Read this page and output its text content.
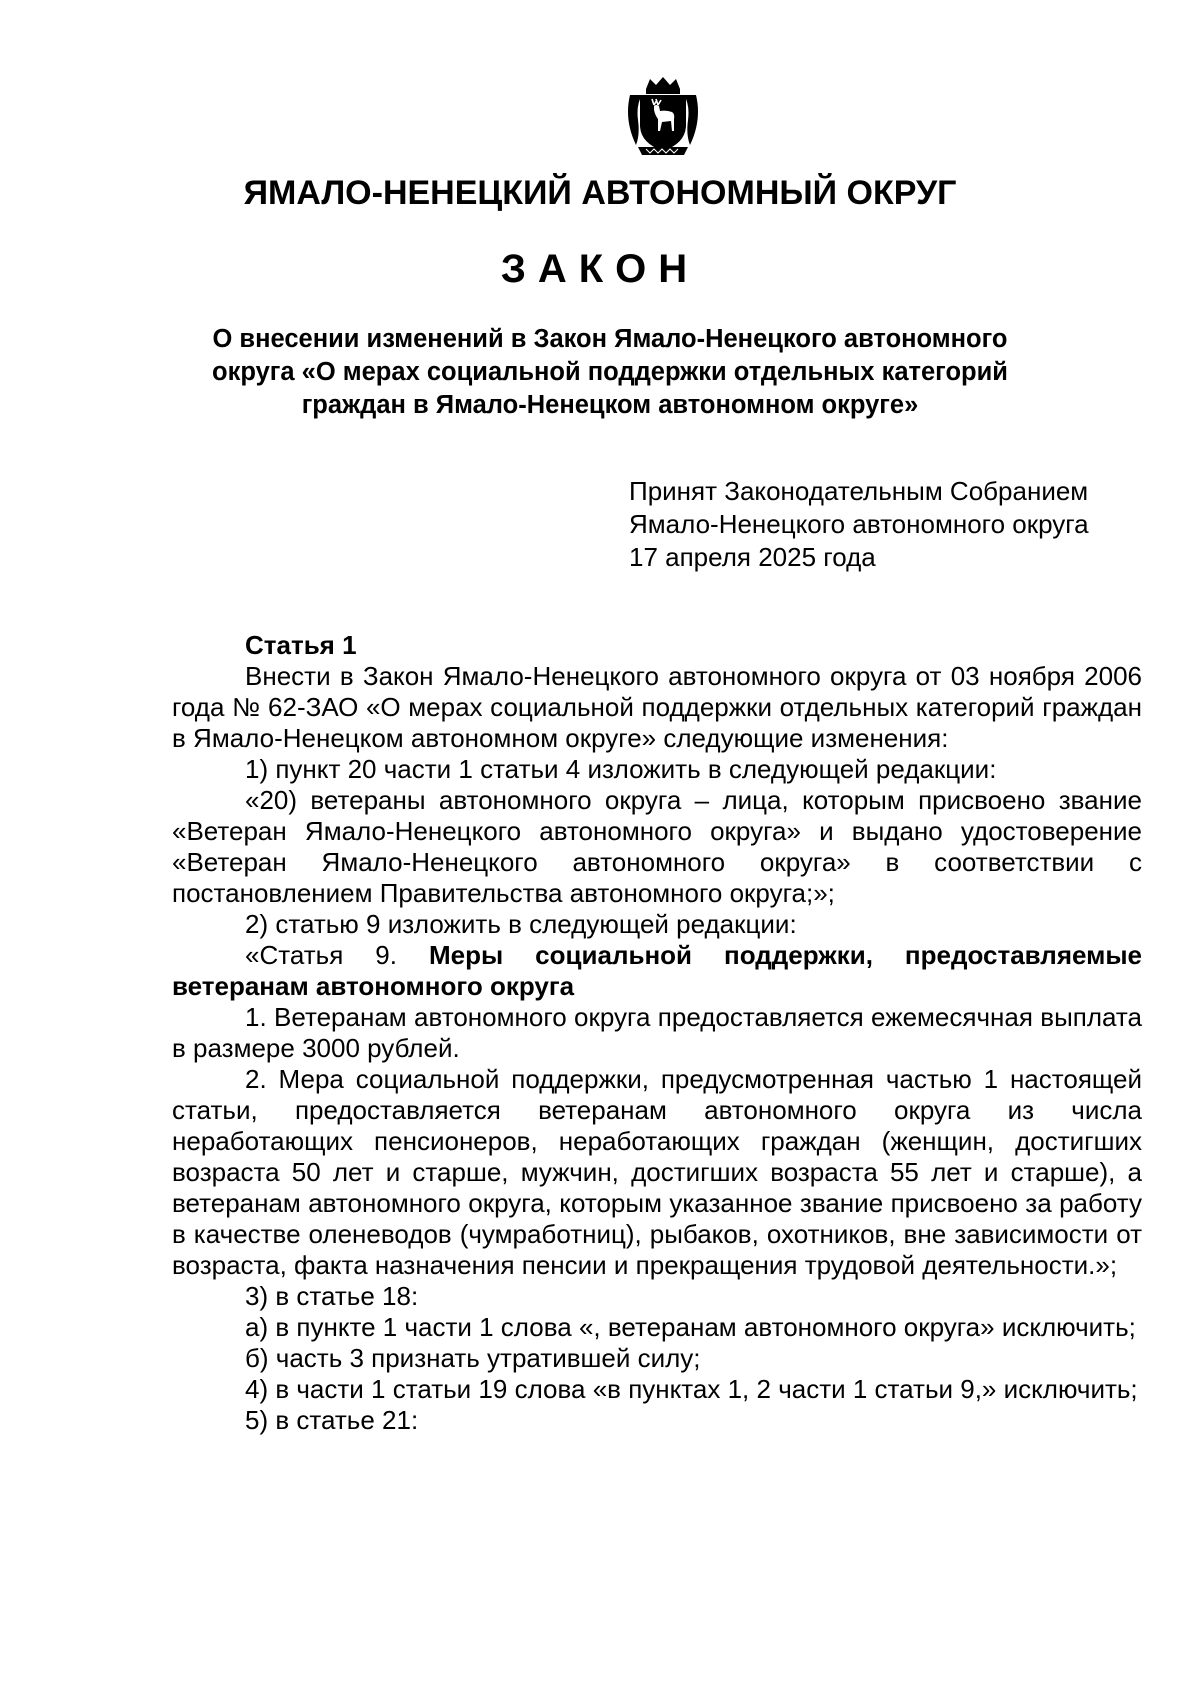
ЯМАЛО-НЕНЕЦКИЙ АВТОНОМНЫЙ ОКРУГ
ЗАКОН
О внесении изменений в Закон Ямало-Ненецкого автономного округа «О мерах социальной поддержки отдельных категорий граждан в Ямало-Ненецком автономном округе»
Принят Законодательным Собранием
Ямало-Ненецкого автономного округа
17 апреля 2025 года

Статья 1

Внести в Закон Ямало-Ненецкого автономного округа от 03 ноября 2006 года № 62-ЗАО «О мерах социальной поддержки отдельных категорий граждан в Ямало-Ненецком автономном округе» следующие изменения:

1) пункт 20 части 1 статьи 4 изложить в следующей редакции:

«20) ветераны автономного округа – лица, которым присвоено звание «Ветеран Ямало-Ненецкого автономного округа» и выдано удостоверение «Ветеран Ямало-Ненецкого автономного округа» в соответствии с постановлением Правительства автономного округа;»;

2) статью 9 изложить в следующей редакции:

«Статья 9. Меры социальной поддержки, предоставляемые ветеранам автономного округа

1. Ветеранам автономного округа предоставляется ежемесячная выплата в размере 3000 рублей.

2. Мера социальной поддержки, предусмотренная частью 1 настоящей статьи, предоставляется ветеранам автономного округа из числа неработающих пенсионеров, неработающих граждан (женщин, достигших возраста 50 лет и старше, мужчин, достигших возраста 55 лет и старше), а ветеранам автономного округа, которым указанное звание присвоено за работу в качестве оленеводов (чумработниц), рыбаков, охотников, вне зависимости от возраста, факта назначения пенсии и прекращения трудовой деятельности.»;

3) в статье 18:

а) в пункте 1 части 1 слова «, ветеранам автономного округа» исключить;

б) часть 3 признать утратившей силу;

4) в части 1 статьи 19 слова «в пунктах 1, 2 части 1 статьи 9,» исключить;

5) в статье 21:
